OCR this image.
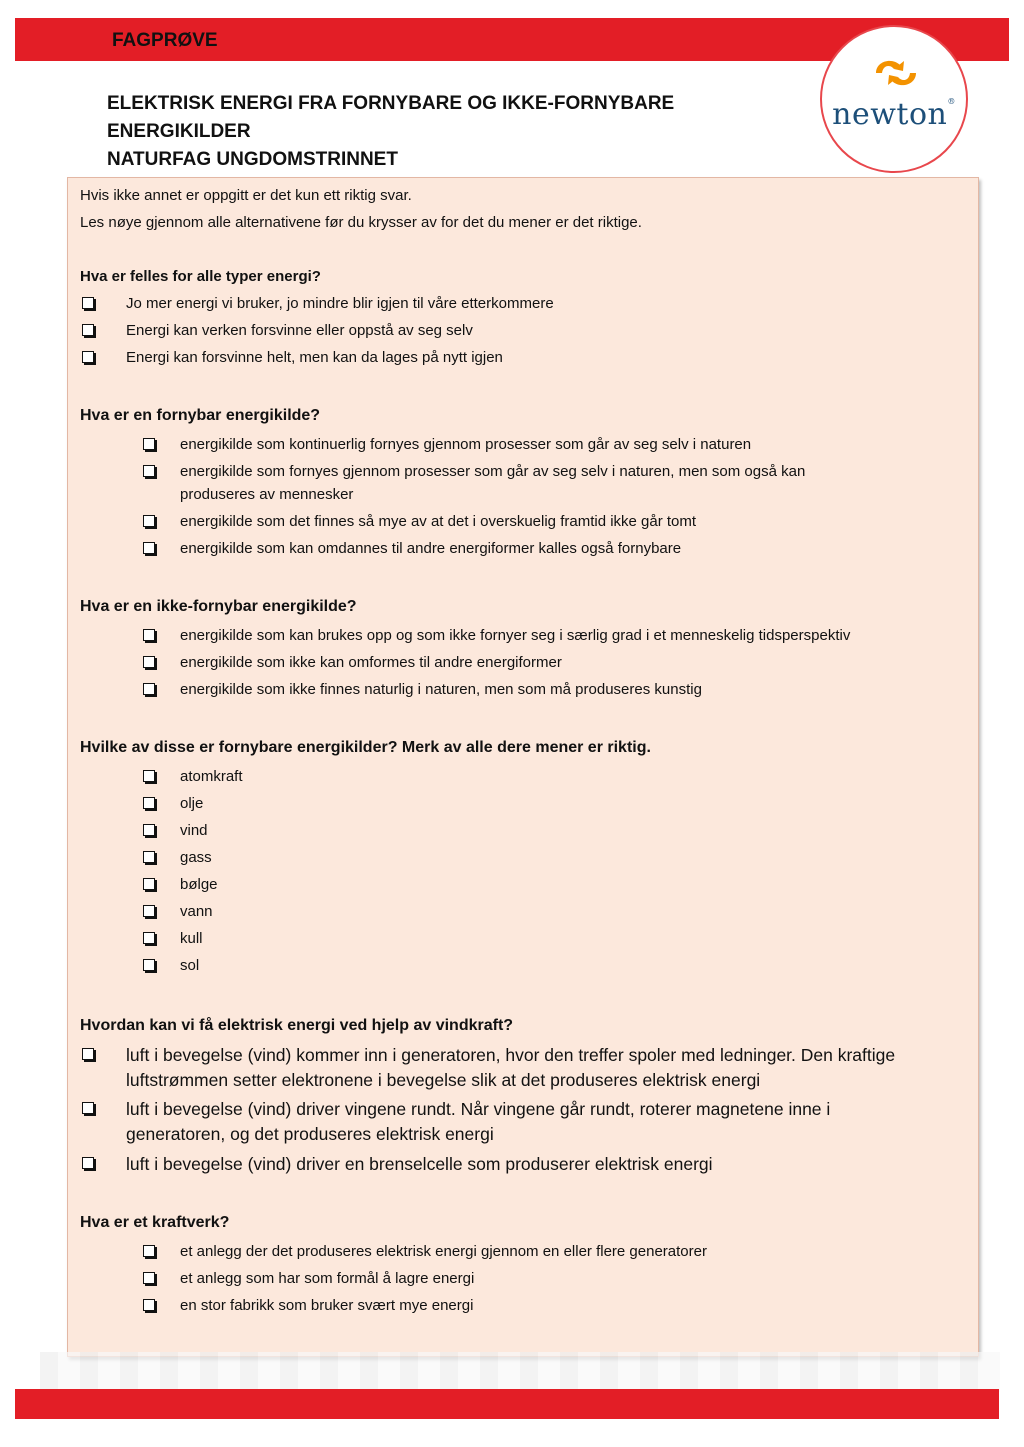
FAGPRØVE
ELEKTRISK ENERGI FRA FORNYBARE OG IKKE-FORNYBARE
ENERGIKILDER
NATURFAG UNGDOMSTRINNET
newton®
Hvis ikke annet er oppgitt er det kun ett riktig svar.
Les nøye gjennom alle alternativene før du krysser av for det du mener er det riktige.
Hva er felles for alle typer energi?
Jo mer energi vi bruker, jo mindre blir igjen til våre etterkommere
Energi kan verken forsvinne eller oppstå av seg selv
Energi kan forsvinne helt, men kan da lages på nytt igjen
Hva er en fornybar energikilde?
energikilde som kontinuerlig fornyes gjennom prosesser som går av seg selv i naturen
energikilde som fornyes gjennom prosesser som går av seg selv i naturen, men som også kan
produseres av mennesker
energikilde som det finnes så mye av at det i overskuelig framtid ikke går tomt
energikilde som kan omdannes til andre energiformer kalles også fornybare
Hva er en ikke-fornybar energikilde?
energikilde som kan brukes opp og som ikke fornyer seg i særlig grad i et menneskelig tidsperspektiv
energikilde som ikke kan omformes til andre energiformer
energikilde som ikke finnes naturlig i naturen, men som må produseres kunstig
Hvilke av disse er fornybare energikilder? Merk av alle dere mener er riktig.
atomkraft
olje
vind
gass
bølge
vann
kull
sol
Hvordan kan vi få elektrisk energi ved hjelp av vindkraft?
luft i bevegelse (vind) kommer inn i generatoren, hvor den treffer spoler med ledninger. Den kraftige
luftstrømmen setter elektronene i bevegelse slik at det produseres elektrisk energi
luft i bevegelse (vind) driver vingene rundt. Når vingene går rundt, roterer magnetene inne i
generatoren, og det produseres elektrisk energi
luft i bevegelse (vind) driver en brenselcelle som produserer elektrisk energi
Hva er et kraftverk?
et anlegg der det produseres elektrisk energi gjennom en eller flere generatorer
et anlegg som har som formål å lagre energi
en stor fabrikk som bruker svært mye energi
